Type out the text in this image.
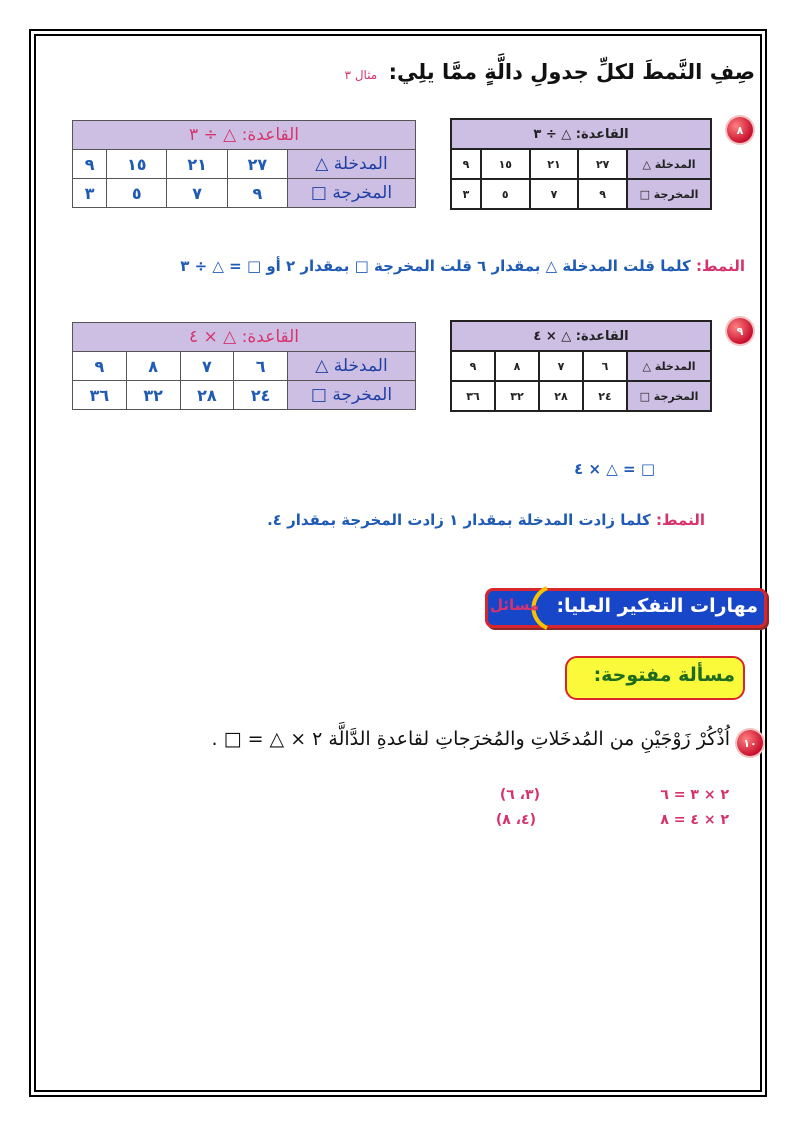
صِفِ النَّمطَ لكلِّ جدولِ دالَّةٍ ممَّا يلِي: مثال ٣
٨
القاعدة: △ ÷ ٣				
المدخلة △	٢٧	٢١	١٥	٩
المخرجة □	٩	٧	٥	٣
القاعدة: △ ÷ ٣				
المدخلة △	٢٧	٢١	١٥	٩
المخرجة □	٩	٧	٥	٣
النمط: كلما قلت المدخلة △ بمقدار ٦ قلت المخرجة □ بمقدار ٢ أو □ = △ ÷ ٣
٩
القاعدة: △ × ٤				
المدخلة △	٦	٧	٨	٩
المخرجة □	٢٤	٢٨	٣٢	٣٦
القاعدة: △ × ٤				
المدخلة △	٦	٧	٨	٩
المخرجة □	٢٤	٢٨	٣٢	٣٦
□ = △ × ٤
النمط: كلما زادت المدخلة بمقدار ١ زادت المخرجة بمقدار ٤.
مسائل مهارات التفكير العليا:
مسألة مفتوحة:
١٠
اُذْكُرْ زَوْجَيْنِ من المُدخَلاتِ والمُخرَجاتِ لقاعدةِ الدَّالَّة ٢ × △ = □ .
٢ × ٣ = ٦
(٣، ٦)
٢ × ٤ = ٨
(٤، ٨)
